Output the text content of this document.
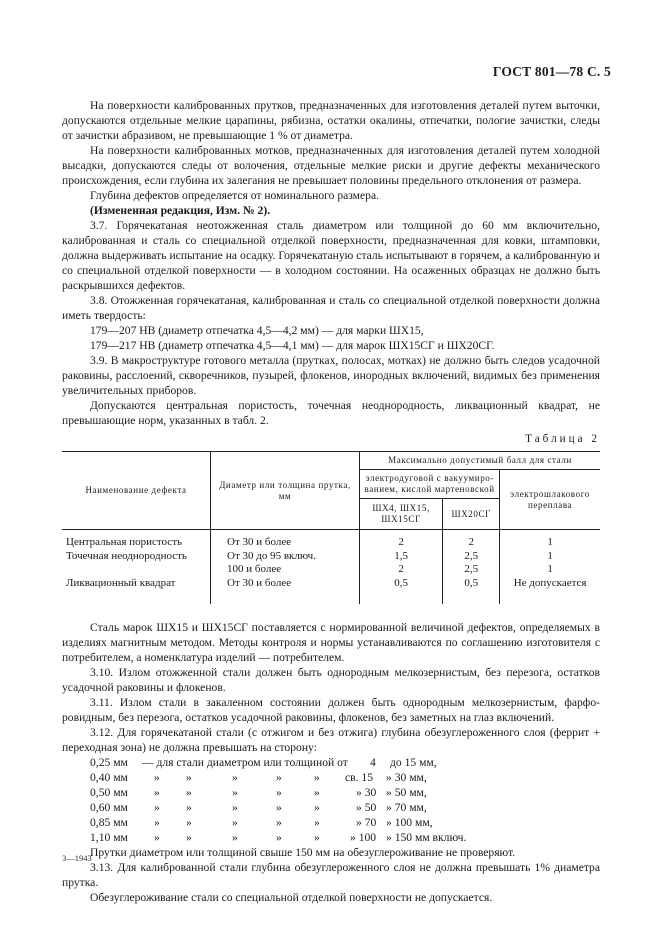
ГОСТ 801—78 С. 5

На поверхности калиброванных прутков, предназначенных для изготовления деталей путем выточки, допускаются отдельные мелкие царапины, рябизна, остатки окалины, отпечатки, пологие зачистки, следы от зачистки абразивом, не превышающие 1 % от диаметра.

На поверхности калиброванных мотков, предназначенных для изготовления деталей путем холодной высадки, допускаются следы от волочения, отдельные мелкие риски и другие дефекты механического происхождения, если глубина их залегания не превышает половины предельного отклонения от размера.

Глубина дефектов определяется от номинального размера.

(Измененная редакция, Изм. № 2).

3.7. Горячекатаная неотожженная сталь диаметром или толщиной до 60 мм включительно, калиброванная и сталь со специальной отделкой поверхности, предназначенная для ковки, штамповки, должна выдерживать испытание на осадку. Горячекатаную сталь испытывают в горячем, а калиброванную и со специальной отделкой поверхности — в холодном состоянии. На осаженных образцах не должно быть раскрывшихся дефектов.

3.8. Отожженная горячекатаная, калиброванная и сталь со специальной отделкой поверхности должна иметь твердость:

179—207 НВ (диаметр отпечатка 4,5—4,2 мм) — для марки ШХ15,

179—217 НВ (диаметр отпечатка 4,5—4,1 мм) — для марок ШХ15СГ и ШХ20СГ.

3.9. В макроструктуре готового металла (прутках, полосах, мотках) не должно быть следов усадочной раковины, расслоений, скворечников, пузырей, флокенов, инородных включений, видимых без применения увеличительных приборов.

Допускаются центральная пористость, точечная неоднородность, ликвационный квадрат, не превышающие норм, указанных в табл. 2.

Таблица 2
Наименование дефекта	Диаметр или толщина прутка, мм	Максимально допустимый балл для стали		
		электродуговой с вакуумированием, кислой мартеновской		электрошлакового переплава
		ШХ4, ШХ15, ШХ15СГ	ШХ20СГ	
Центральная пористость	От 30 и более	2	2	1
Точечная неоднородность	От 30 до 95 включ.	1,5	2,5	1
	100 и более	2	2,5	1
Ликвационный квадрат	От 30 и более	0,5	0,5	Не допускается

Сталь марок ШХ15 и ШХ15СГ поставляется с нормированной величиной дефектов, определяемых в изделиях магнитным методом. Методы контроля и нормы устанавливаются по соглашению изготовителя с потребителем, а номенклатура изделий — потребителем.

3.10. Излом отожженной стали должен быть однородным мелкозернистым, без перезога, остатков усадочной раковины и флокенов.

3.11. Излом стали в закаленном состоянии должен быть однородным мелкозернистым, фарфоровидным, без перезога, остатков усадочной раковины, флокенов, без заметных на глаз включений.

3.12. Для горячекатаной стали (с отжигом и без отжига) глубина обезуглероженного слоя (феррит + переходная зона) не должна превышать на сторону:

0,25 мм — для стали диаметром или толщиной от 4 до 15 мм,
0,40 мм » »	»	»	» св. 15 » 30 мм,
0,50 мм » »	»	»	»	» 30 » 50 мм,
0,60 мм » »	»	»	»	» 50 » 70 мм,
0,85 мм » »	»	»	»	» 70 » 100 мм,
1,10 мм » »	»	»	»	» 100 » 150 мм включ.

Прутки диаметром или толщиной свыше 150 мм на обезуглероживание не проверяют.

3.13. Для калиброванной стали глубина обезуглероженного слоя не должна превышать 1% диаметра прутка.

Обезуглероживание стали со специальной отделкой поверхности не допускается.

3—1943
